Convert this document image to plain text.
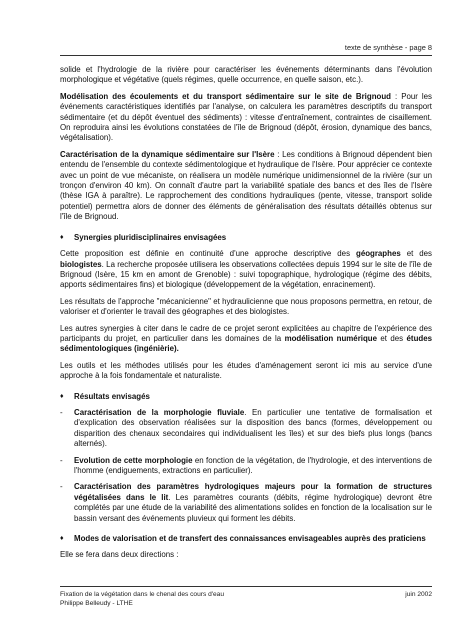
texte de synthèse - page 8

solide et l'hydrologie de la rivière pour caractériser les événements déterminants dans l'évolution morphologique et végétative (quels régimes, quelle occurrence, en quelle saison, etc.).

Modélisation des écoulements et du transport sédimentaire sur le site de Brignoud : Pour les événements caractéristiques identifiés par l'analyse, on calculera les paramètres descriptifs du transport sédimentaire (et du dépôt éventuel des sédiments) : vitesse d'entraînement, contraintes de cisaillement. On reproduira ainsi les évolutions constatées de l'île de Brignoud (dépôt, érosion, dynamique des bancs, végétalisation).

Caractérisation de la dynamique sédimentaire sur l'Isère : Les conditions à Brignoud dépendent bien entendu de l'ensemble du contexte sédimentologique et hydraulique de l'Isère. Pour apprécier ce contexte avec un point de vue mécaniste, on réalisera un modèle numérique unidimensionnel de la rivière (sur un tronçon d'environ 40 km). On connaît d'autre part la variabilité spatiale des bancs et des îles de l'Isère (thèse IGA à paraître). Le rapprochement des conditions hydrauliques (pente, vitesse, transport solide potentiel) permettra alors de donner des éléments de généralisation des résultats détaillés obtenus sur l'île de Brignoud.

♦	Synergies pluridisciplinaires envisagées

Cette proposition est définie en continuité d'une approche descriptive des géographes et des biologistes. La recherche proposée utilisera les observations collectées depuis 1994 sur le site de l'île de Brignoud (Isère, 15 km en amont de Grenoble) : suivi topographique, hydrologique (régime des débits, apports sédimentaires fins) et biologique (développement de la végétation, enracinement).

Les résultats de l'approche "mécanicienne" et hydraulicienne que nous proposons permettra, en retour, de valoriser et d'orienter le travail des géographes et des biologistes.

Les autres synergies à citer dans le cadre de ce projet seront explicitées au chapitre de l'expérience des participants du projet, en particulier dans les domaines de la modélisation numérique et des études sédimentologiques (ingénièrie).

Les outils et les méthodes utilisés pour les études d'aménagement seront ici mis au service d'une approche à la fois fondamentale et naturaliste.

♦	Résultats envisagés
-	Caractérisation de la morphologie fluviale. En particulier une tentative de formalisation et d'explication des observation réalisées sur la disposition des bancs (formes, développement ou disparition des chenaux secondaires qui individualisent les îles) et sur des biefs plus longs (bancs alternés).
-	Evolution de cette morphologie en fonction de la végétation, de l'hydrologie, et des interventions de l'homme (endiguements, extractions en particulier).
-	Caractérisation des paramètres hydrologiques majeurs pour la formation de structures végétalisées dans le lit. Les paramètres courants (débits, régime hydrologique) devront être complétés par une étude de la variabilité des alimentations solides en fonction de la localisation sur le bassin versant des événements pluvieux qui forment les débits.
♦	Modes de valorisation et de transfert des connaissances envisageables auprès des praticiens

Elle se fera dans deux directions :

Fixation de la végétation dans le chenal des cours d'eau
Philippe Belleudy - LTHE
juin 2002
